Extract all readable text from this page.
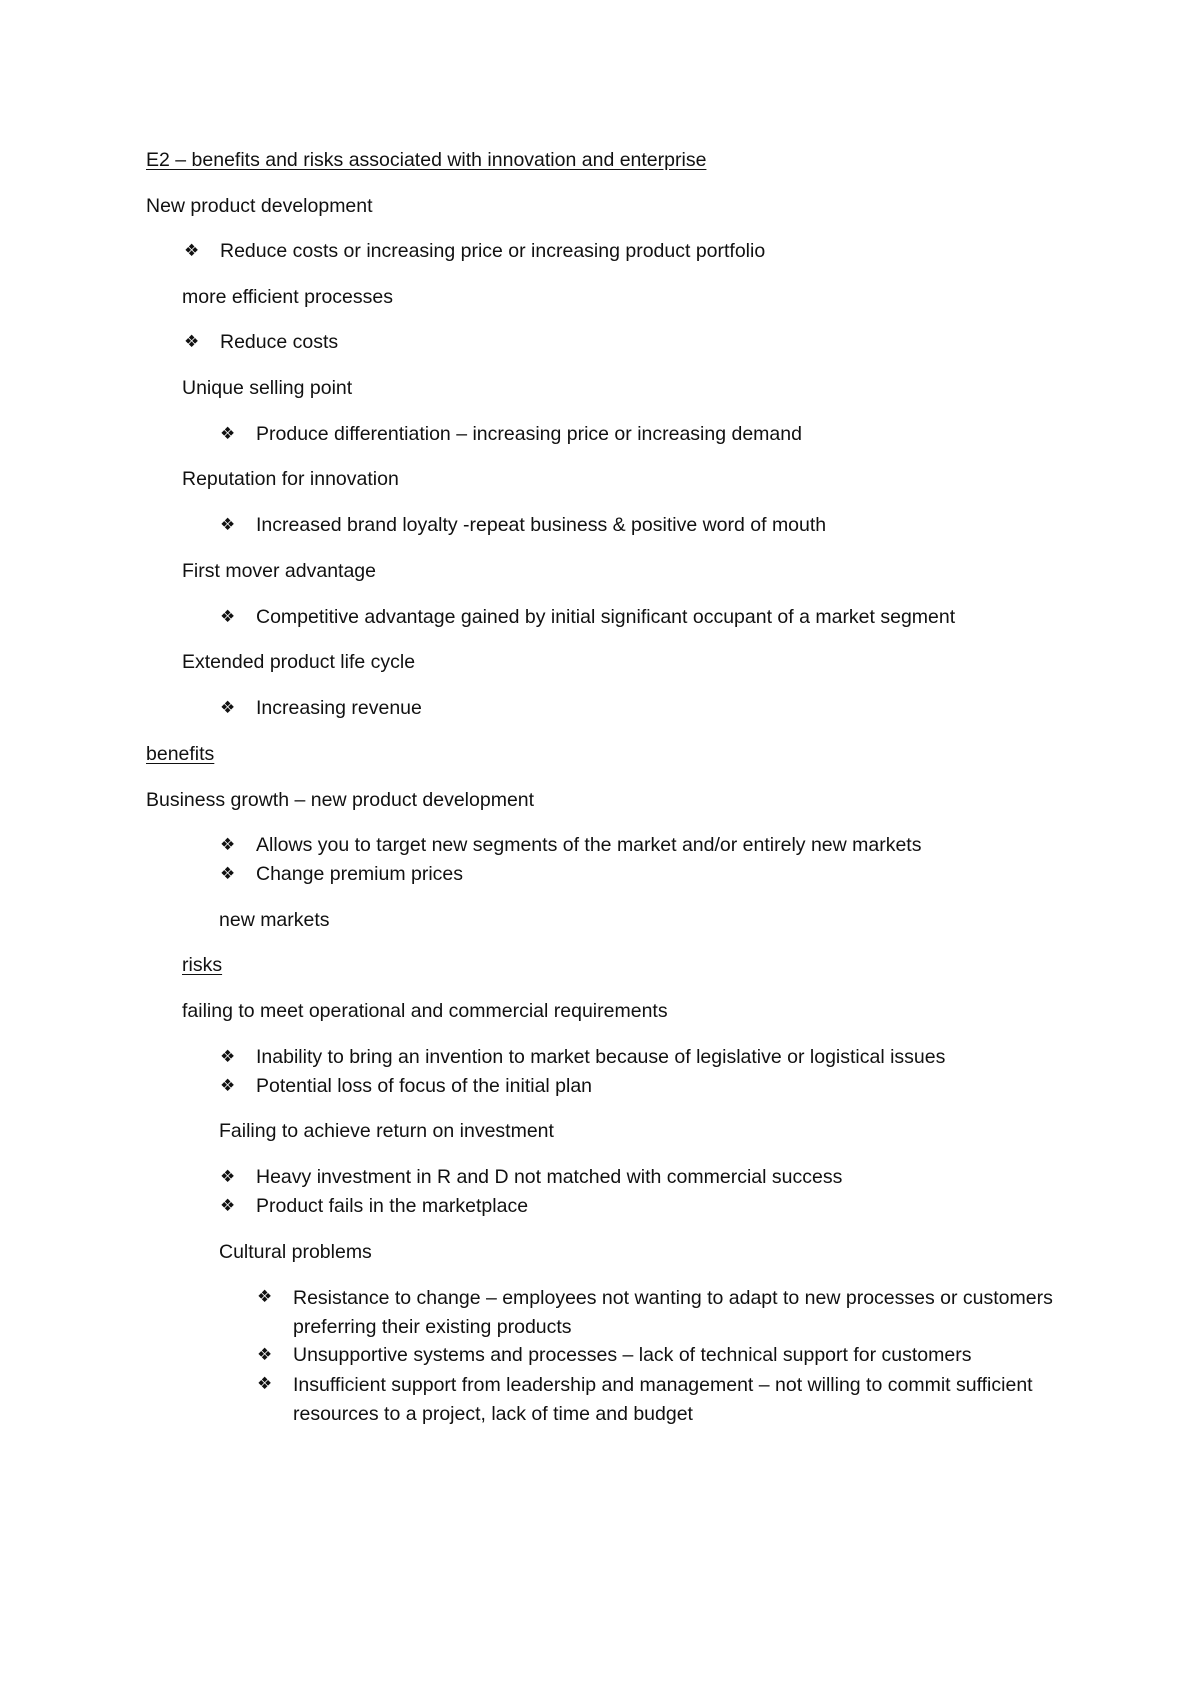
E2 – benefits and risks associated with innovation and enterprise
New product development
❖	Reduce costs or increasing price or increasing product portfolio
more efficient processes
❖	Reduce costs
Unique selling point
❖	Produce differentiation – increasing price or increasing demand
Reputation for innovation
❖	Increased brand loyalty -repeat business & positive word of mouth
First mover advantage
❖	Competitive advantage gained by initial significant occupant of a market segment
Extended product life cycle
❖	Increasing revenue
benefits
Business growth – new product development
❖	Allows you to target new segments of the market and/or entirely new markets
❖	Change premium prices
new markets
risks
failing to meet operational and commercial requirements
❖	Inability to bring an invention to market because of legislative or logistical issues
❖	Potential loss of focus of the initial plan
Failing to achieve return on investment
❖	Heavy investment in R and D not matched with commercial success
❖	Product fails in the marketplace
Cultural problems
❖	Resistance to change – employees not wanting to adapt to new processes or customers preferring their existing products
❖	Unsupportive systems and processes – lack of technical support for customers
❖	Insufficient support from leadership and management – not willing to commit sufficient resources to a project, lack of time and budget
